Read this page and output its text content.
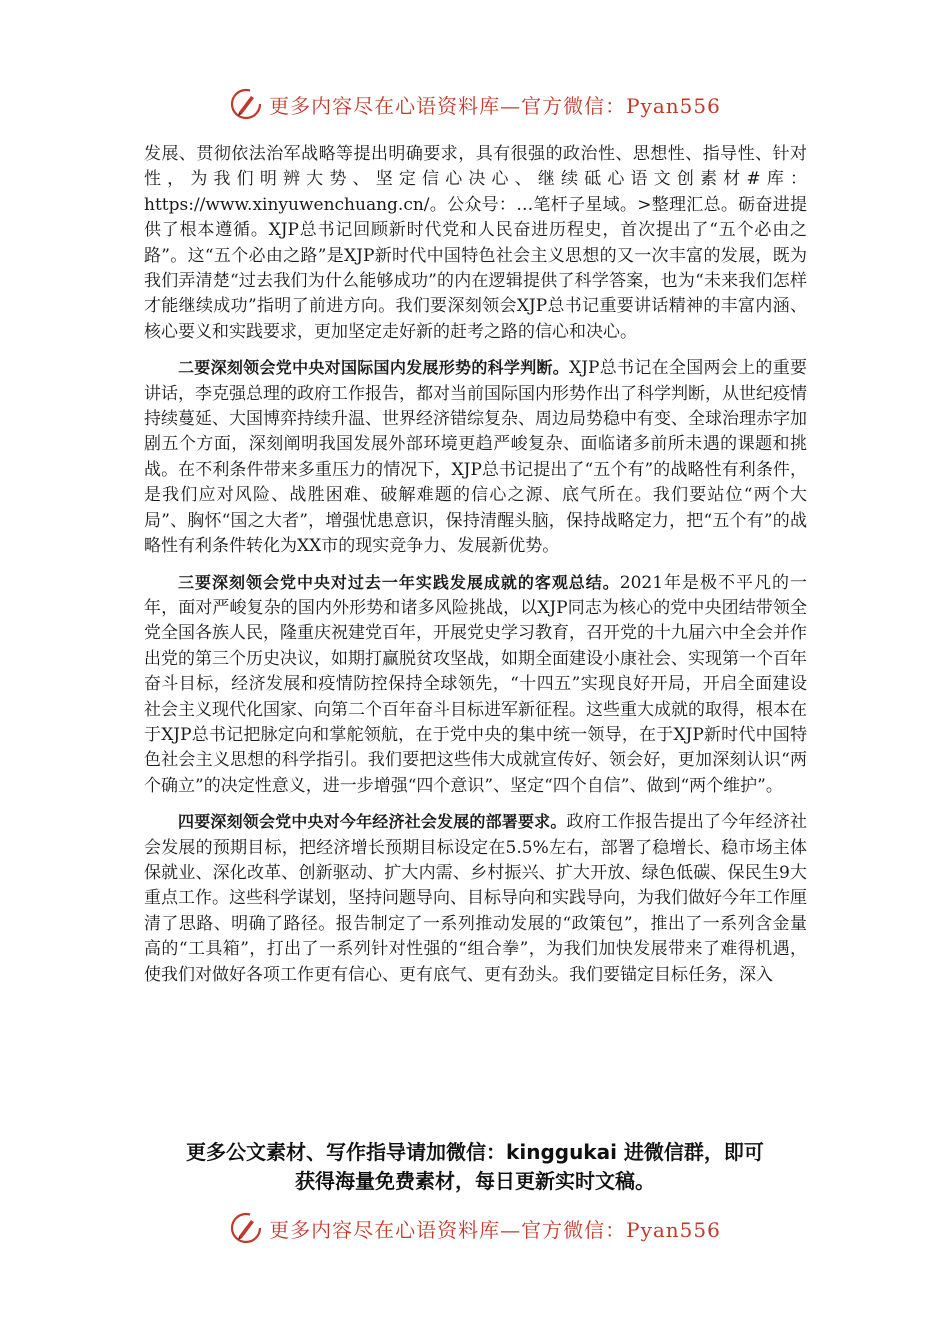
更多内容尽在心语资料库—官方微信：Pyan556

发展、贯彻依法治军战略等提出明确要求，具有很强的政治性、思想性、指导性、针对性，为我们明辨大势、坚定信心决心、继续砥心语文创素材#库：https://www.xinyuwenchuang.cn/。公众号：…笔杆子星域。>整理汇总。砺奋进提供了根本遵循。XJP总书记回顾新时代党和人民奋进历程史，首次提出了“五个必由之路”。这“五个必由之路”是XJP新时代中国特色社会主义思想的又一次丰富的发展，既为我们弄清楚“过去我们为什么能够成功”的内在逻辑提供了科学答案，也为“未来我们怎样才能继续成功”指明了前进方向。我们要深刻领会XJP总书记重要讲话精神的丰富内涵、核心要义和实践要求，更加坚定走好新的赶考之路的信心和决心。

二要深刻领会党中央对国际国内发展形势的科学判断。XJP总书记在全国两会上的重要讲话，李克强总理的政府工作报告，都对当前国际国内形势作出了科学判断，从世纪疫情持续蔓延、大国博弈持续升温、世界经济错综复杂、周边局势稳中有变、全球治理赤字加剧五个方面，深刻阐明我国发展外部环境更趋严峻复杂、面临诸多前所未遇的课题和挑战。在不利条件带来多重压力的情况下，XJP总书记提出了“五个有”的战略性有利条件，是我们应对风险、战胜困难、破解难题的信心之源、底气所在。我们要站位“两个大局”、胸怀“国之大者”，增强忧患意识，保持清醒头脑，保持战略定力，把“五个有”的战略性有利条件转化为XX市的现实竞争力、发展新优势。

三要深刻领会党中央对过去一年实践发展成就的客观总结。2021年是极不平凡的一年，面对严峻复杂的国内外形势和诸多风险挑战，以XJP同志为核心的党中央团结带领全党全国各族人民，隆重庆祝建党百年，开展党史学习教育，召开党的十九届六中全会并作出党的第三个历史决议，如期打赢脱贫攻坚战，如期全面建设小康社会、实现第一个百年奋斗目标，经济发展和疫情防控保持全球领先，“十四五”实现良好开局，开启全面建设社会主义现代化国家、向第二个百年奋斗目标进军新征程。这些重大成就的取得，根本在于XJP总书记把脉定向和掌舵领航，在于党中央的集中统一领导，在于XJP新时代中国特色社会主义思想的科学指引。我们要把这些伟大成就宣传好、领会好，更加深刻认识“两个确立”的决定性意义，进一步增强“四个意识”、坚定“四个自信”、做到“两个维护”。

四要深刻领会党中央对今年经济社会发展的部署要求。政府工作报告提出了今年经济社会发展的预期目标，把经济增长预期目标设定在5.5%左右，部署了稳增长、稳市场主体保就业、深化改革、创新驱动、扩大内需、乡村振兴、扩大开放、绿色低碳、保民生9大重点工作。这些科学谋划，坚持问题导向、目标导向和实践导向，为我们做好今年工作厘清了思路、明确了路径。报告制定了一系列推动发展的“政策包”，推出了一系列含金量高的“工具箱”，打出了一系列针对性强的“组合拳”，为我们加快发展带来了难得机遇，使我们对做好各项工作更有信心、更有底气、更有劲头。我们要锚定目标任务，深入

更多公文素材、写作指导请加微信：kinggukai 进微信群，即可
获得海量免费素材，每日更新实时文稿。
更多内容尽在心语资料库—官方微信：Pyan556
